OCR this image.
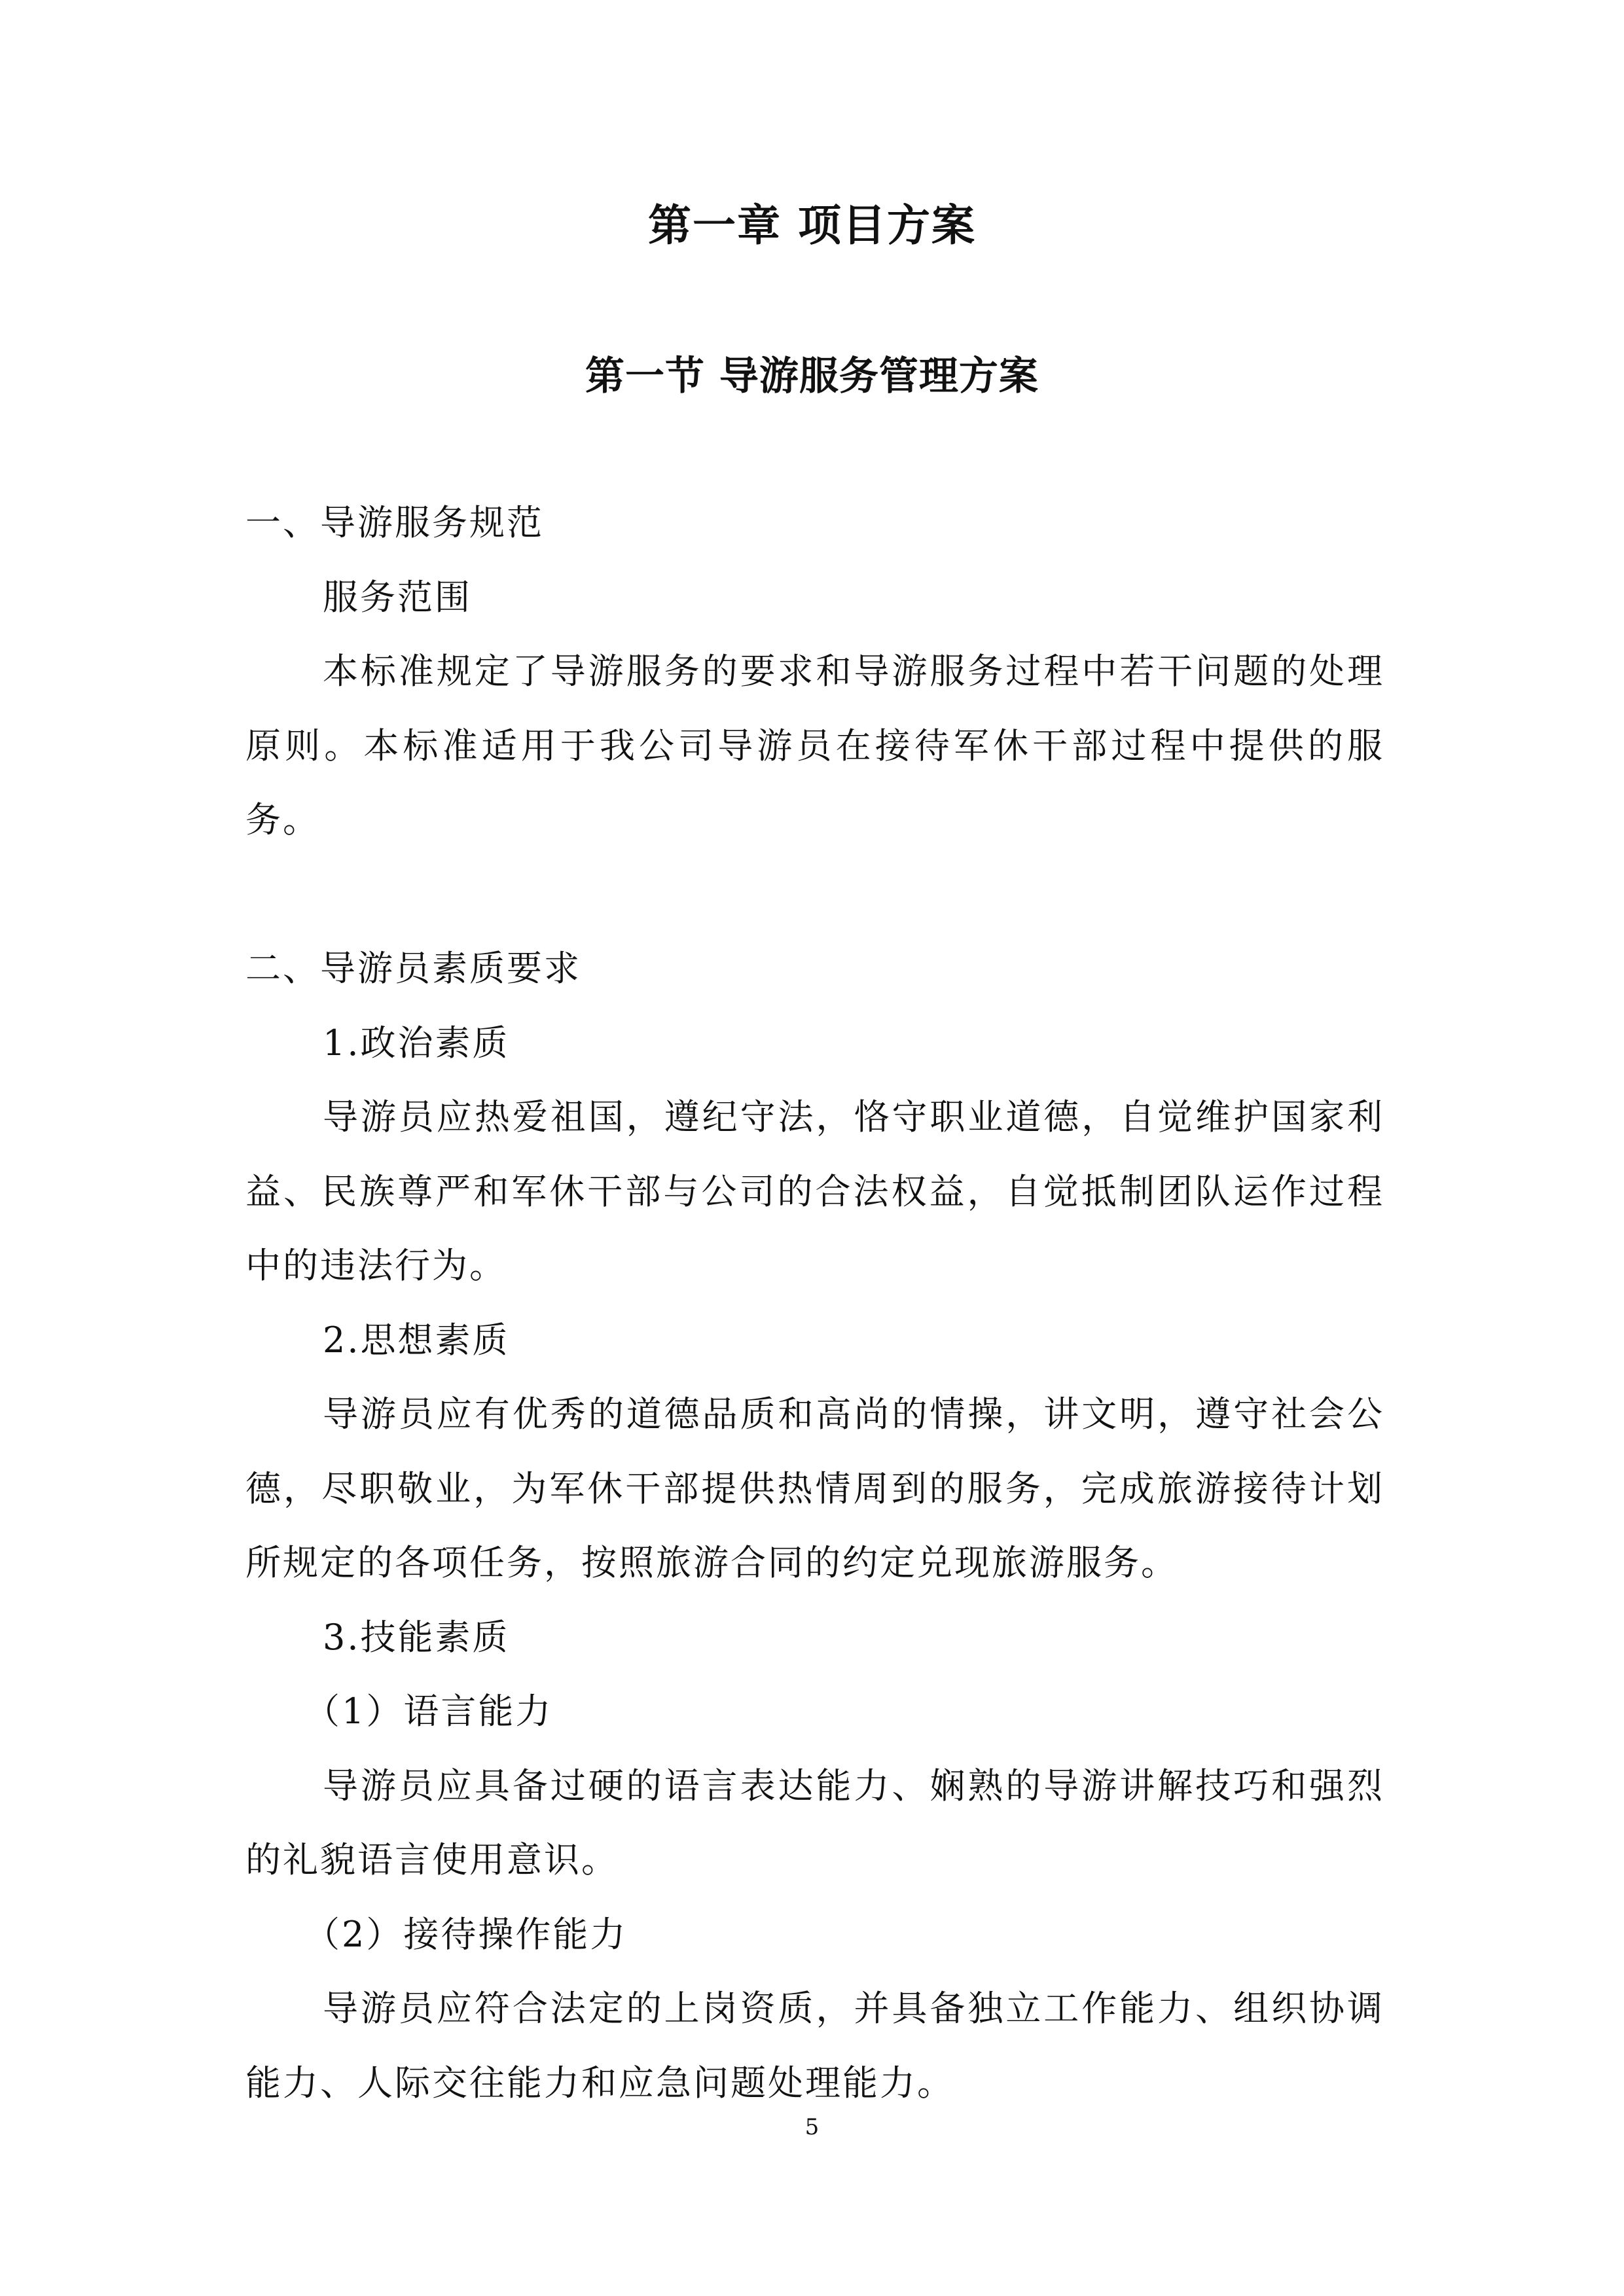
第一章 项目方案
第一节 导游服务管理方案
一、导游服务规范
服务范围
本标准规定了导游服务的要求和导游服务过程中若干问题的处理原则。本标准适用于我公司导游员在接待军休干部过程中提供的服务。
二、导游员素质要求
1.政治素质
导游员应热爱祖国，遵纪守法，恪守职业道德，自觉维护国家利益、民族尊严和军休干部与公司的合法权益，自觉抵制团队运作过程中的违法行为。
2.思想素质
导游员应有优秀的道德品质和高尚的情操，讲文明，遵守社会公德，尽职敬业，为军休干部提供热情周到的服务，完成旅游接待计划所规定的各项任务，按照旅游合同的约定兑现旅游服务。
3.技能素质
（1）语言能力
导游员应具备过硬的语言表达能力、娴熟的导游讲解技巧和强烈的礼貌语言使用意识。
（2）接待操作能力
导游员应符合法定的上岗资质，并具备独立工作能力、组织协调能力、人际交往能力和应急问题处理能力。
5
